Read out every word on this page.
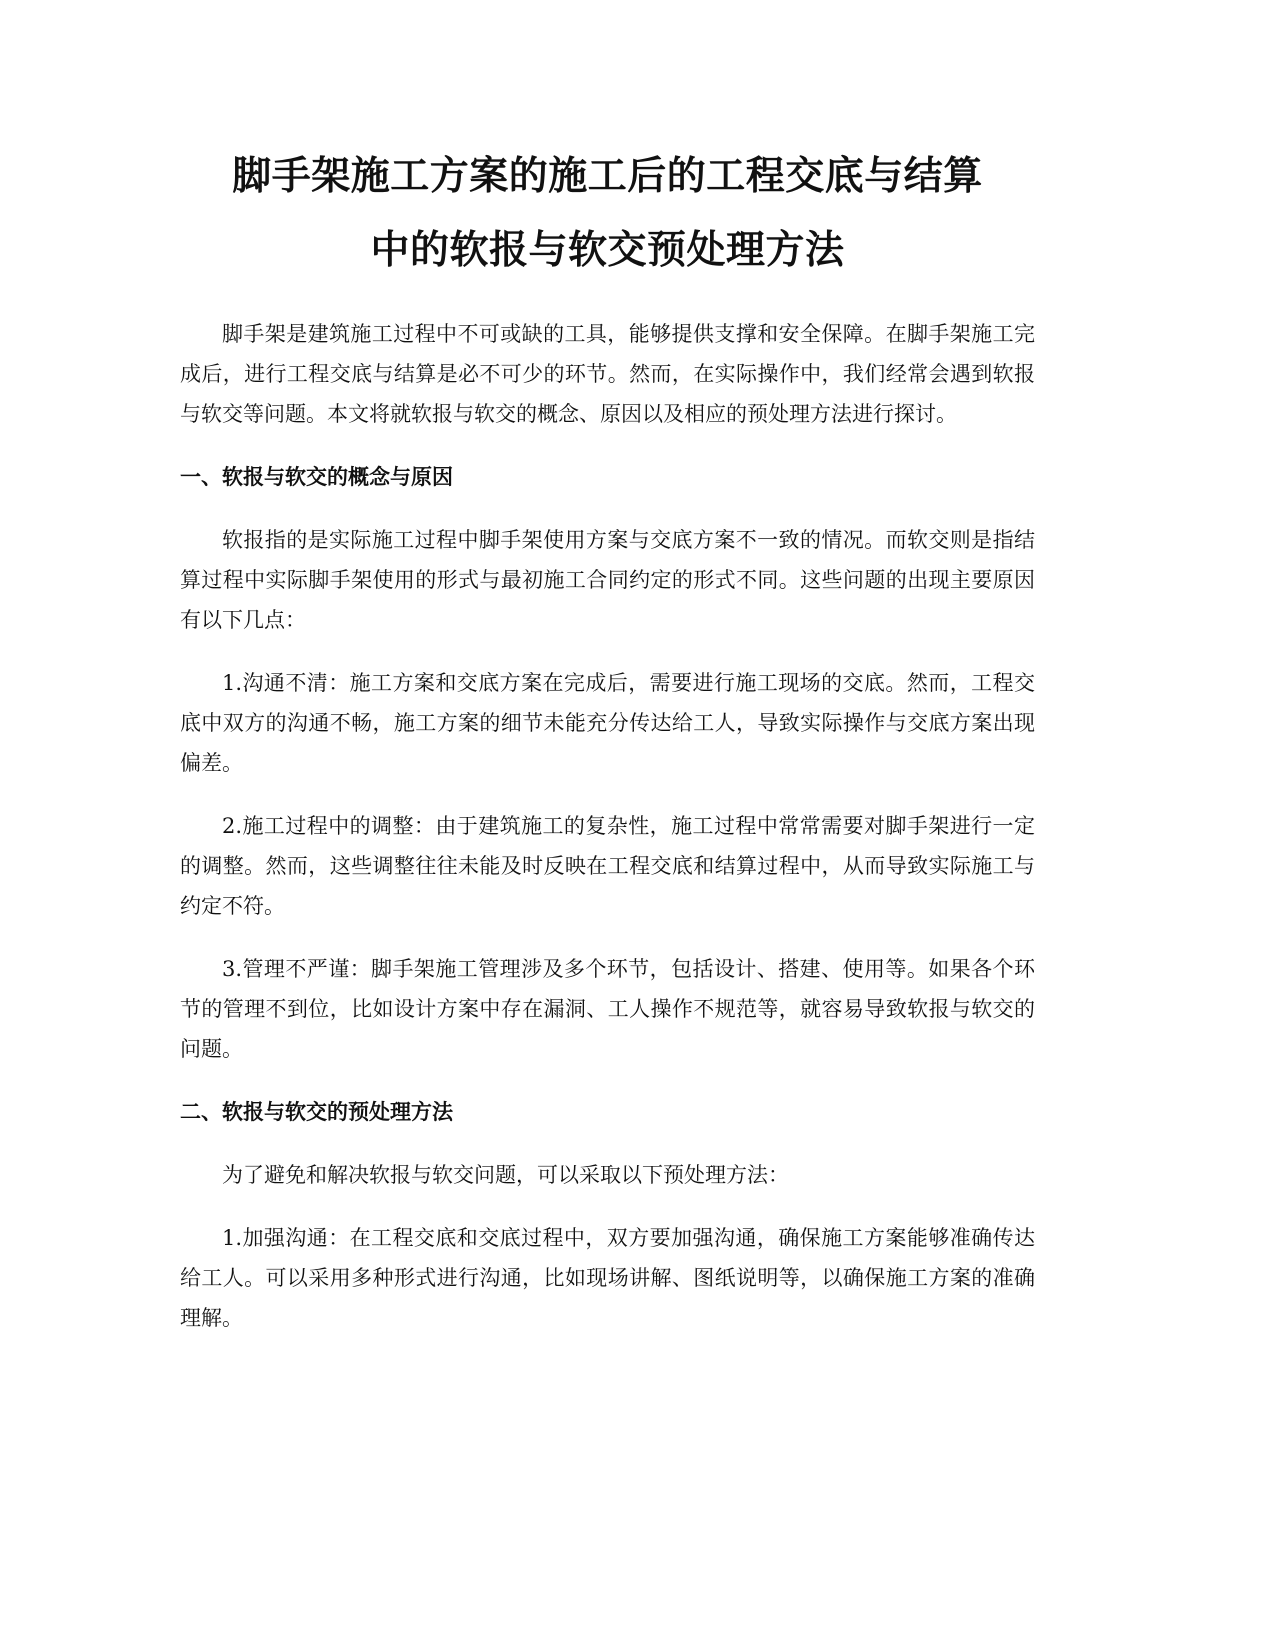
脚手架施工方案的施工后的工程交底与结算
中的软报与软交预处理方法

脚手架是建筑施工过程中不可或缺的工具，能够提供支撑和安全保障。在脚手架施工完成后，进行工程交底与结算是必不可少的环节。然而，在实际操作中，我们经常会遇到软报与软交等问题。本文将就软报与软交的概念、原因以及相应的预处理方法进行探讨。

一、软报与软交的概念与原因

软报指的是实际施工过程中脚手架使用方案与交底方案不一致的情况。而软交则是指结算过程中实际脚手架使用的形式与最初施工合同约定的形式不同。这些问题的出现主要原因有以下几点：

1.沟通不清：施工方案和交底方案在完成后，需要进行施工现场的交底。然而，工程交底中双方的沟通不畅，施工方案的细节未能充分传达给工人，导致实际操作与交底方案出现偏差。

2.施工过程中的调整：由于建筑施工的复杂性，施工过程中常常需要对脚手架进行一定的调整。然而，这些调整往往未能及时反映在工程交底和结算过程中，从而导致实际施工与约定不符。

3.管理不严谨：脚手架施工管理涉及多个环节，包括设计、搭建、使用等。如果各个环节的管理不到位，比如设计方案中存在漏洞、工人操作不规范等，就容易导致软报与软交的问题。

二、软报与软交的预处理方法

为了避免和解决软报与软交问题，可以采取以下预处理方法：

1.加强沟通：在工程交底和交底过程中，双方要加强沟通，确保施工方案能够准确传达给工人。可以采用多种形式进行沟通，比如现场讲解、图纸说明等，以确保施工方案的准确理解。
